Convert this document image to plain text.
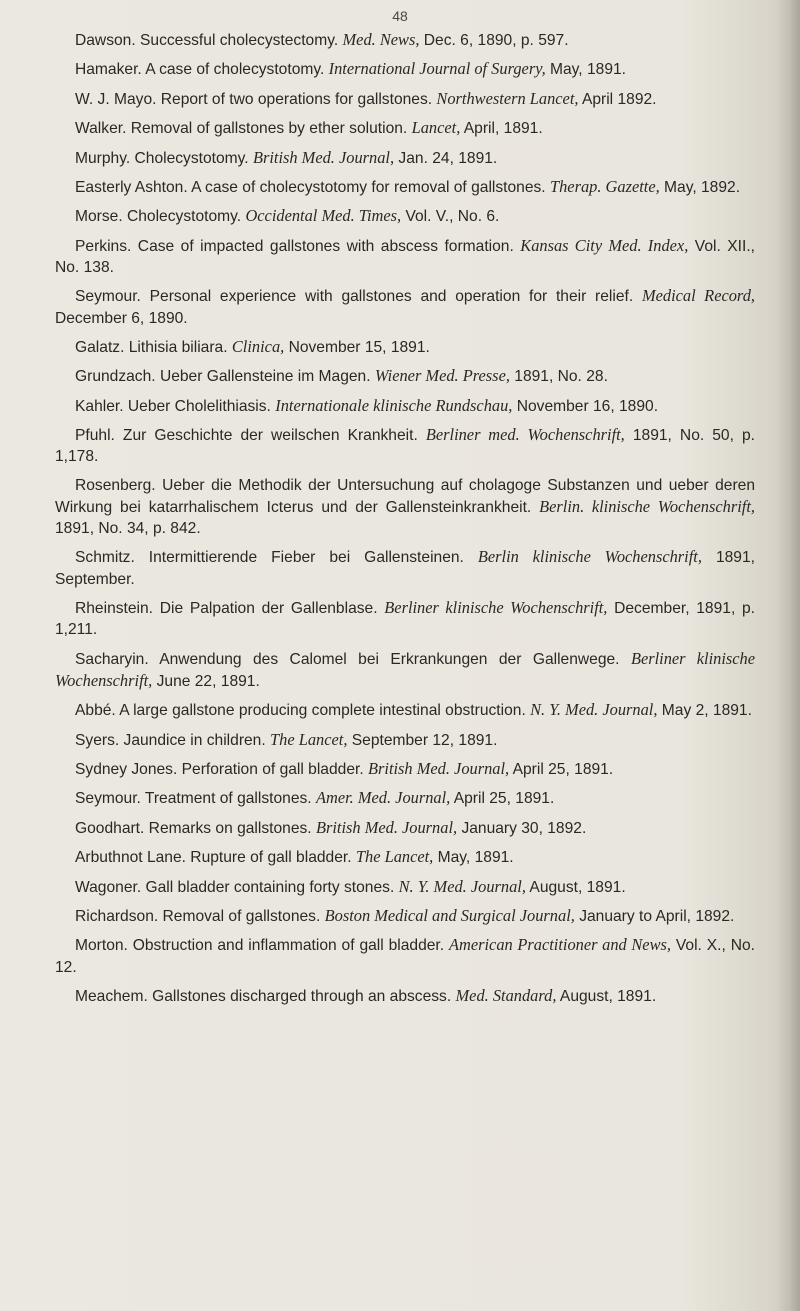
48

Dawson. Successful cholecystectomy. Med. News, Dec. 6, 1890, p. 597.

Hamaker. A case of cholecystotomy. International Journal of Surgery, May, 1891.

W. J. Mayo. Report of two operations for gallstones. Northwestern Lancet, April 1892.

Walker. Removal of gallstones by ether solution. Lancet, April, 1891.

Murphy. Cholecystotomy. British Med. Journal, Jan. 24, 1891.

Easterly Ashton. A case of cholecystotomy for removal of gallstones. Therap. Gazette, May, 1892.

Morse. Cholecystotomy. Occidental Med. Times, Vol. V., No. 6.

Perkins. Case of impacted gallstones with abscess formation. Kansas City Med. Index, Vol. XII., No. 138.

Seymour. Personal experience with gallstones and operation for their relief. Medical Record, December 6, 1890.

Galatz. Lithisia biliara. Clinica, November 15, 1891.

Grundzach. Ueber Gallensteine im Magen. Wiener Med. Presse, 1891, No. 28.

Kahler. Ueber Cholelithiasis. Internationale klinische Rundschau, November 16, 1890.

Pfuhl. Zur Geschichte der weilschen Krankheit. Berliner med. Wochenschrift, 1891, No. 50, p. 1,178.

Rosenberg. Ueber die Methodik der Untersuchung auf cholagoge Substanzen und ueber deren Wirkung bei katarrhalischem Icterus und der Gallensteinkrankheit. Berlin. klinische Wochenschrift, 1891, No. 34, p. 842.

Schmitz. Intermittierende Fieber bei Gallensteinen. Berlin klinische Wochenschrift, 1891, September.

Rheinstein. Die Palpation der Gallenblase. Berliner klinische Wochenschrift, December, 1891, p. 1,211.

Sacharyin. Anwendung des Calomel bei Erkrankungen der Gallenwege. Berliner klinische Wochenschrift, June 22, 1891.

Abbé. A large gallstone producing complete intestinal obstruction. N. Y. Med. Journal, May 2, 1891.

Syers. Jaundice in children. The Lancet, September 12, 1891.

Sydney Jones. Perforation of gall bladder. British Med. Journal, April 25, 1891.

Seymour. Treatment of gallstones. Amer. Med. Journal, April 25, 1891.

Goodhart. Remarks on gallstones. British Med. Journal, January 30, 1892.

Arbuthnot Lane. Rupture of gall bladder. The Lancet, May, 1891.

Wagoner. Gall bladder containing forty stones. N. Y. Med. Journal, August, 1891.

Richardson. Removal of gallstones. Boston Medical and Surgical Journal, January to April, 1892.

Morton. Obstruction and inflammation of gall bladder. American Practitioner and News, Vol. X., No. 12.

Meachem. Gallstones discharged through an abscess. Med. Standard, August, 1891.
